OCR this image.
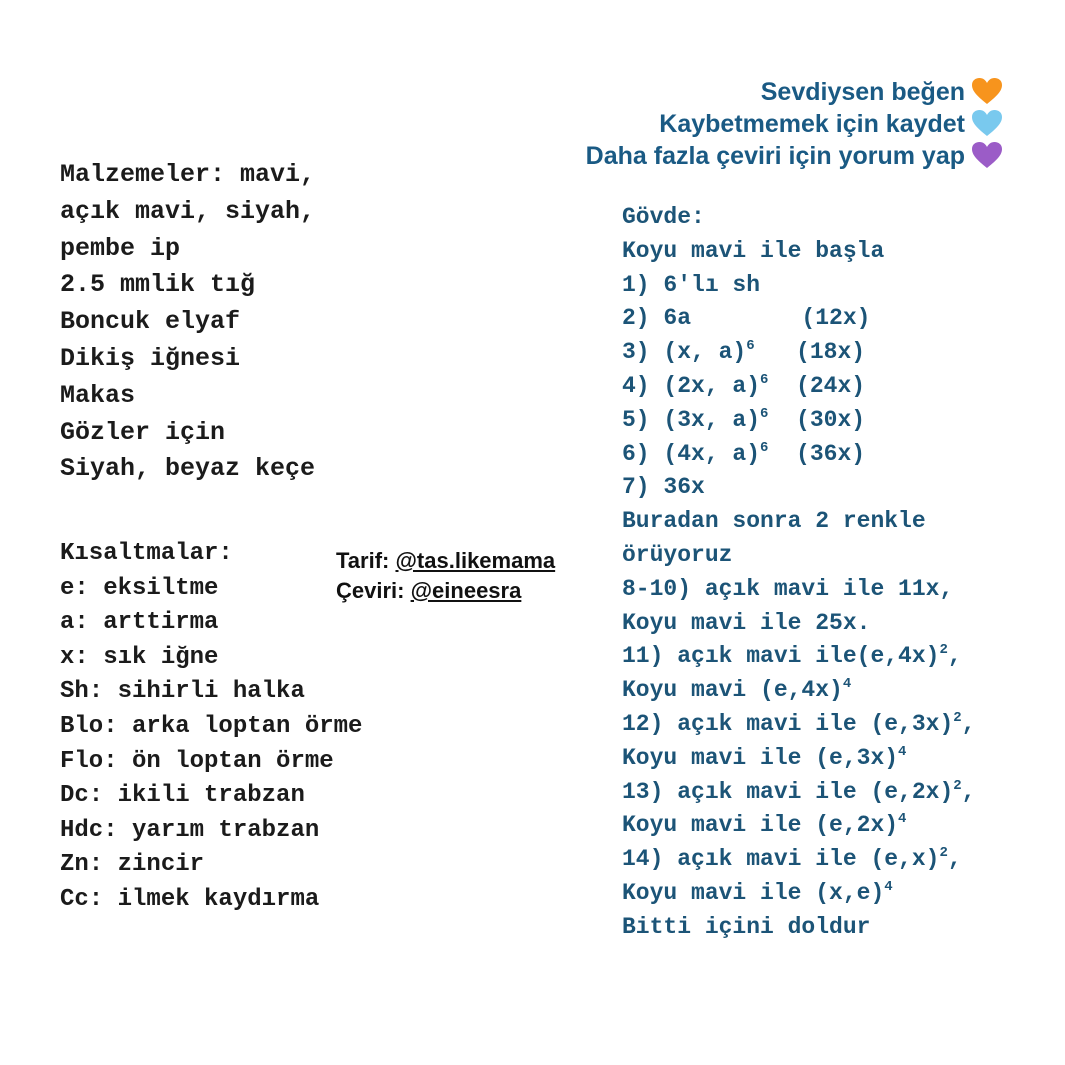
Sevdiysen beğen
Kaybetmemek için kaydet
Daha fazla çeviri için yorum yap
Malzemeler: mavi,
açık mavi, siyah,
pembe ip
2.5 mmlik tığ
Boncuk elyaf
Dikiş iğnesi
Makas
Gözler için
Siyah, beyaz keçe
Kısaltmalar:
e: eksiltme
a: arttirma
x: sık iğne
Sh: sihirli halka
Blo: arka loptan örme
Flo: ön loptan örme
Dc: ikili trabzan
Hdc: yarım trabzan
Zn: zincir
Cc: ilmek kaydırma
Tarif: @tas.likemama
Çeviri: @eineesra
Gövde:
Koyu mavi ile başla
1) 6'lı sh
2) 6a        (12x)
3) (x, a)$^6$   (18x)
4) (2x, a)$^6$  (24x)
5) (3x, a)$^6$  (30x)
6) (4x, a)$^6$  (36x)
7) 36x
Buradan sonra 2 renkle
örüyoruz
8-10) açık mavi ile 11x,
Koyu mavi ile 25x.
11) açık mavi $ile(e,4x)^2$,
Koyu mavi $(e,4x)^4$
12) açık mavi ile $(e,3x)^2$,
Koyu mavi ile $(e,3x)^4$
13) açık mavi ile $(e,2x)^2$,
Koyu mavi ile $(e,2x)^4$
14) açık mavi ile $(e,x)^2$,
Koyu mavi ile $(x,e)^4$
Bitti içini doldur
